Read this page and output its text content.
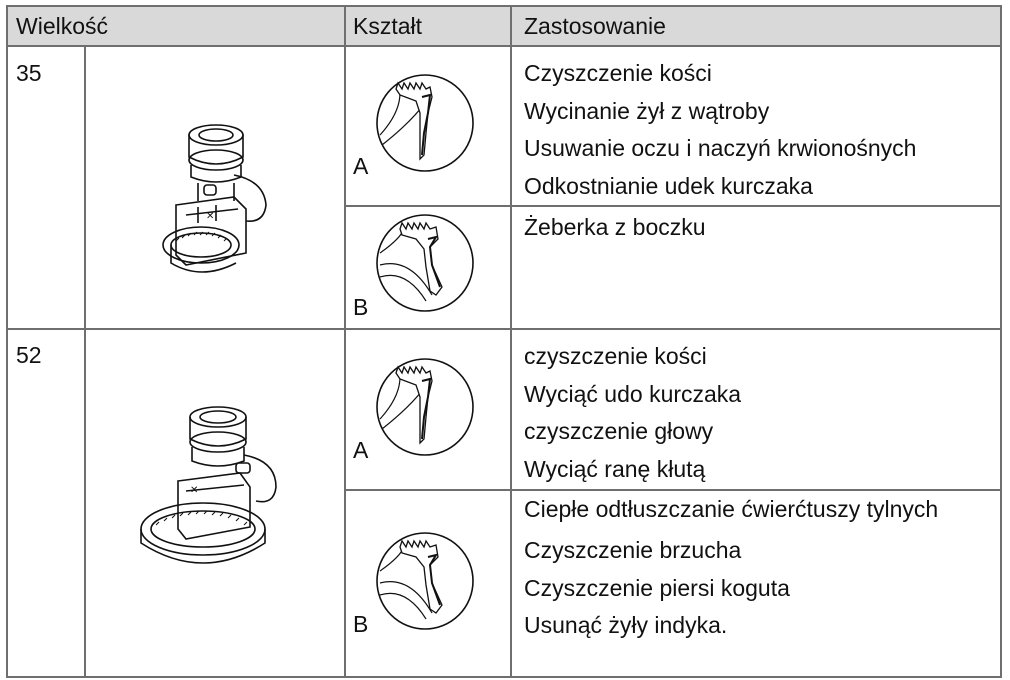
Wielkość	Kształt	Zastosowanie
35
✕
A
Czyszczenie kości
Wycinanie żył z wątroby
Usuwanie oczu i naczyń krwionośnych
Odkostnianie udek kurczaka
B
Żeberka z boczku
52
✕
A
czyszczenie kości
Wyciąć udo kurczaka
czyszczenie głowy
Wyciąć ranę kłutą
B
Ciepłe odtłuszczanie ćwierćtuszy tylnych
Czyszczenie brzucha
Czyszczenie piersi koguta
Usunąć żyły indyka.
